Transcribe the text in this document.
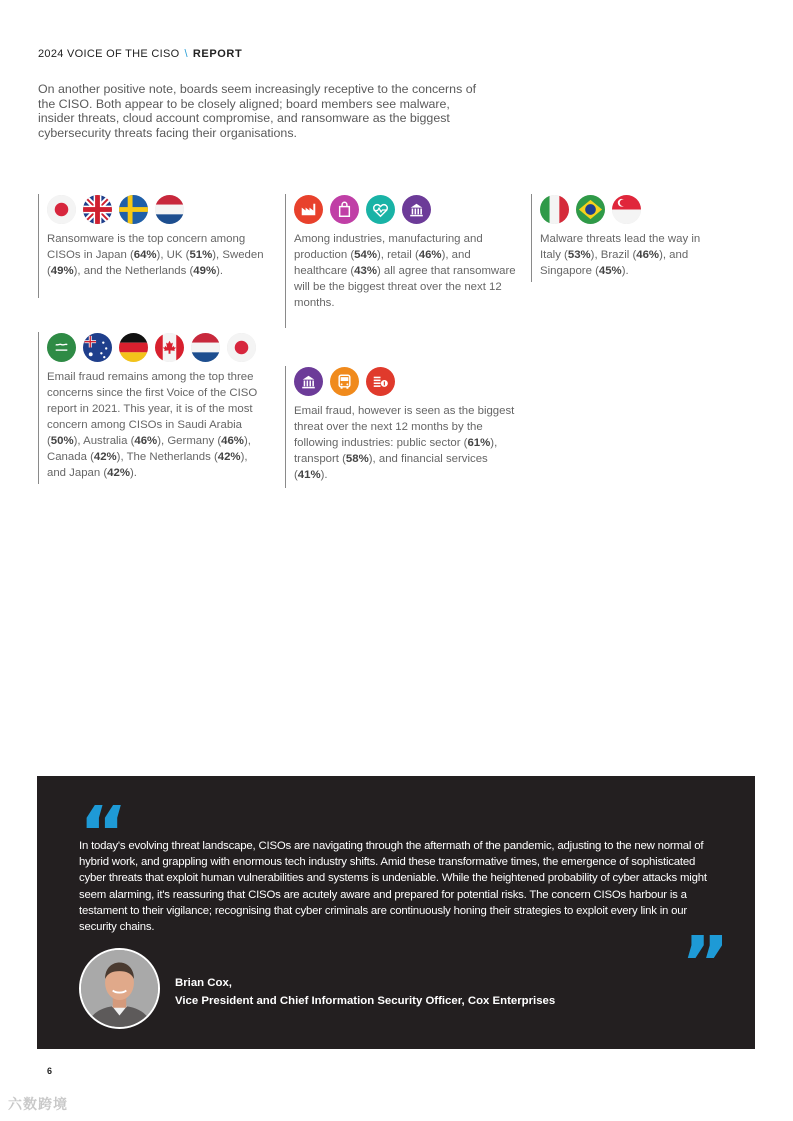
2024 VOICE OF THE CISO \ REPORT

On another positive note, boards seem increasingly receptive to the concerns of the CISO. Both appear to be closely aligned; board members see malware, insider threats, cloud account compromise, and ransomware as the biggest cybersecurity threats facing their organisations.

Ransomware is the top concern among CISOs in Japan (64%), UK (51%), Sweden (49%), and the Netherlands (49%).

Among industries, manufacturing and production (54%), retail (46%), and healthcare (43%) all agree that ransomware will be the biggest threat over the next 12 months.

Malware threats lead the way in Italy (53%), Brazil (46%), and Singapore (45%).

Email fraud remains among the top three concerns since the first Voice of the CISO report in 2021. This year, it is of the most concern among CISOs in Saudi Arabia (50%), Australia (46%), Germany (46%), Canada (42%), The Netherlands (42%), and Japan (42%).

Email fraud, however is seen as the biggest threat over the next 12 months by the following industries: public sector (61%), transport (58%), and financial services (41%).

“

In today's evolving threat landscape, CISOs are navigating through the aftermath of the pandemic, adjusting to the new normal of hybrid work, and grappling with enormous tech industry shifts. Amid these transformative times, the emergence of sophisticated cyber threats that exploit human vulnerabilities and systems is undeniable. While the heightened probability of cyber attacks might seem alarming, it's reassuring that CISOs are acutely aware and prepared for potential risks. The concern CISOs harbour is a testament to their vigilance; recognising that cyber criminals are continuously honing their strategies to exploit every link in our security chains.	”
Brian Cox,
Vice President and Chief Information Security Officer, Cox Enterprises
6
六数跨境
